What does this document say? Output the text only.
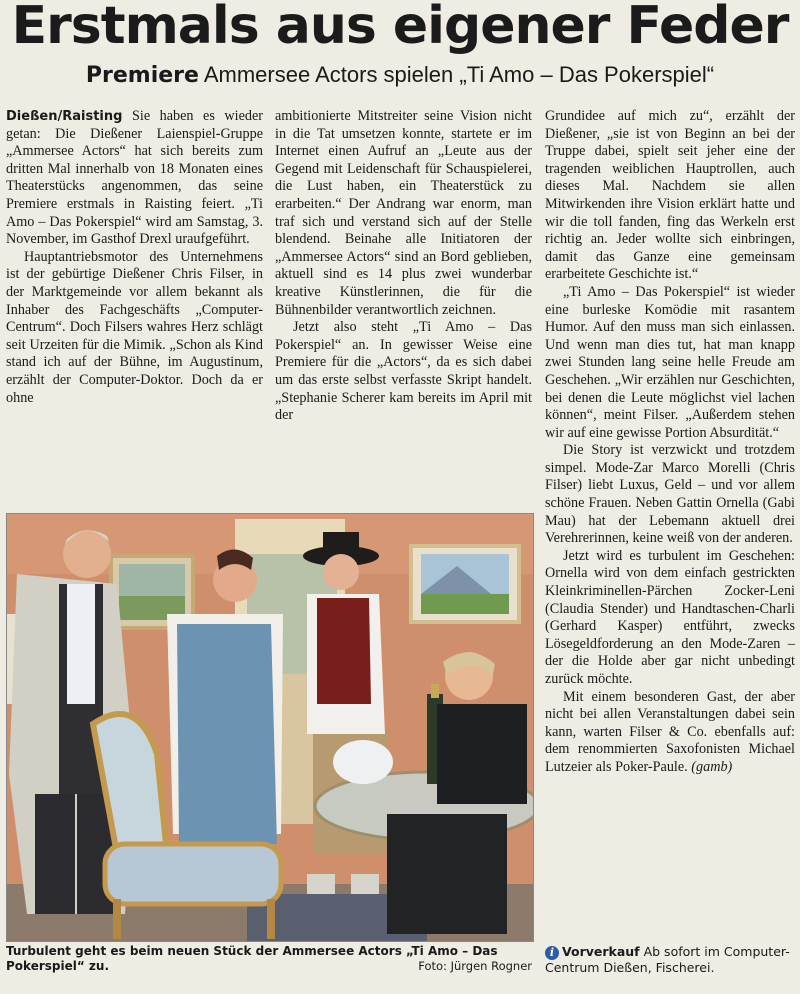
Erstmals aus eigener Feder
Premiere Ammersee Actors spielen „Ti Amo – Das Pokerspiel“

Dießen/Raisting Sie haben es wieder getan: Die Dießener Laienspiel-Gruppe „Ammersee Actors“ hat sich bereits zum dritten Mal innerhalb von 18 Monaten eines Theaterstücks angenommen, das seine Premiere erstmals in Raisting feiert. „Ti Amo – Das Pokerspiel“ wird am Samstag, 3. November, im Gasthof Drexl uraufgeführt.

Hauptantriebsmotor des Unternehmens ist der gebürtige Dießener Chris Filser, in der Marktgemeinde vor allem bekannt als Inhaber des Fachgeschäfts „Computer-Centrum“. Doch Filsers wahres Herz schlägt seit Urzeiten für die Mimik. „Schon als Kind stand ich auf der Bühne, im Augustinum, erzählt der Computer-Doktor. Doch da er ohne

ambitionierte Mitstreiter seine Vision nicht in die Tat umsetzen konnte, startete er im Internet einen Aufruf an „Leute aus der Gegend mit Leidenschaft für Schauspielerei, die Lust haben, ein Theaterstück zu erarbeiten.“ Der Andrang war enorm, man traf sich und verstand sich auf der Stelle blendend. Beinahe alle Initiatoren der „Ammersee Actors“ sind an Bord geblieben, aktuell sind es 14 plus zwei wunderbar kreative Künstlerinnen, die für die Bühnenbilder verantwortlich zeichnen.

Jetzt also steht „Ti Amo – Das Pokerspiel“ an. In gewisser Weise eine Premiere für die „Actors“, da es sich dabei um das erste selbst verfasste Skript handelt. „Stephanie Scherer kam bereits im April mit der

Grundidee auf mich zu“, erzählt der Dießener, „sie ist von Beginn an bei der Truppe dabei, spielt seit jeher eine der tragenden weiblichen Hauptrollen, auch dieses Mal. Nachdem sie allen Mitwirkenden ihre Vision erklärt hatte und wir die toll fanden, fing das Werkeln erst richtig an. Jeder wollte sich einbringen, damit das Ganze eine gemeinsam erarbeitete Geschichte ist.“

„Ti Amo – Das Pokerspiel“ ist wieder eine burleske Komödie mit rasantem Humor. Auf den muss man sich einlassen. Und wenn man dies tut, hat man knapp zwei Stunden lang seine helle Freude am Geschehen. „Wir erzählen nur Geschichten, bei denen die Leute möglichst viel lachen können“, meint Filser. „Außerdem stehen wir auf eine gewisse Portion Absurdität.“

Die Story ist verzwickt und trotzdem simpel. Mode-Zar Marco Morelli (Chris Filser) liebt Luxus, Geld – und vor allem schöne Frauen. Neben Gattin Ornella (Gabi Mau) hat der Lebemann aktuell drei Verehrerinnen, keine weiß von der anderen.

Jetzt wird es turbulent im Geschehen: Ornella wird von dem einfach gestrickten Kleinkriminellen-Pärchen Zocker-Leni (Claudia Stender) und Handtaschen-Charli (Gerhard Kasper) entführt, zwecks Lösegeldforderung an den Mode-Zaren – der die Holde aber gar nicht unbedingt zurück möchte.

Mit einem besonderen Gast, der aber nicht bei allen Veranstaltungen dabei sein kann, warten Filser & Co. ebenfalls auf: dem renommierten Saxofonisten Michael Lutzeier als Poker-Paule. (gamb)

Turbulent geht es beim neuen Stück der Ammersee Actors „Ti Amo – Das Pokerspiel“ zu.	Foto: Jürgen Rogner
i Vorverkauf Ab sofort im Computer-Centrum Dießen, Fischerei.
